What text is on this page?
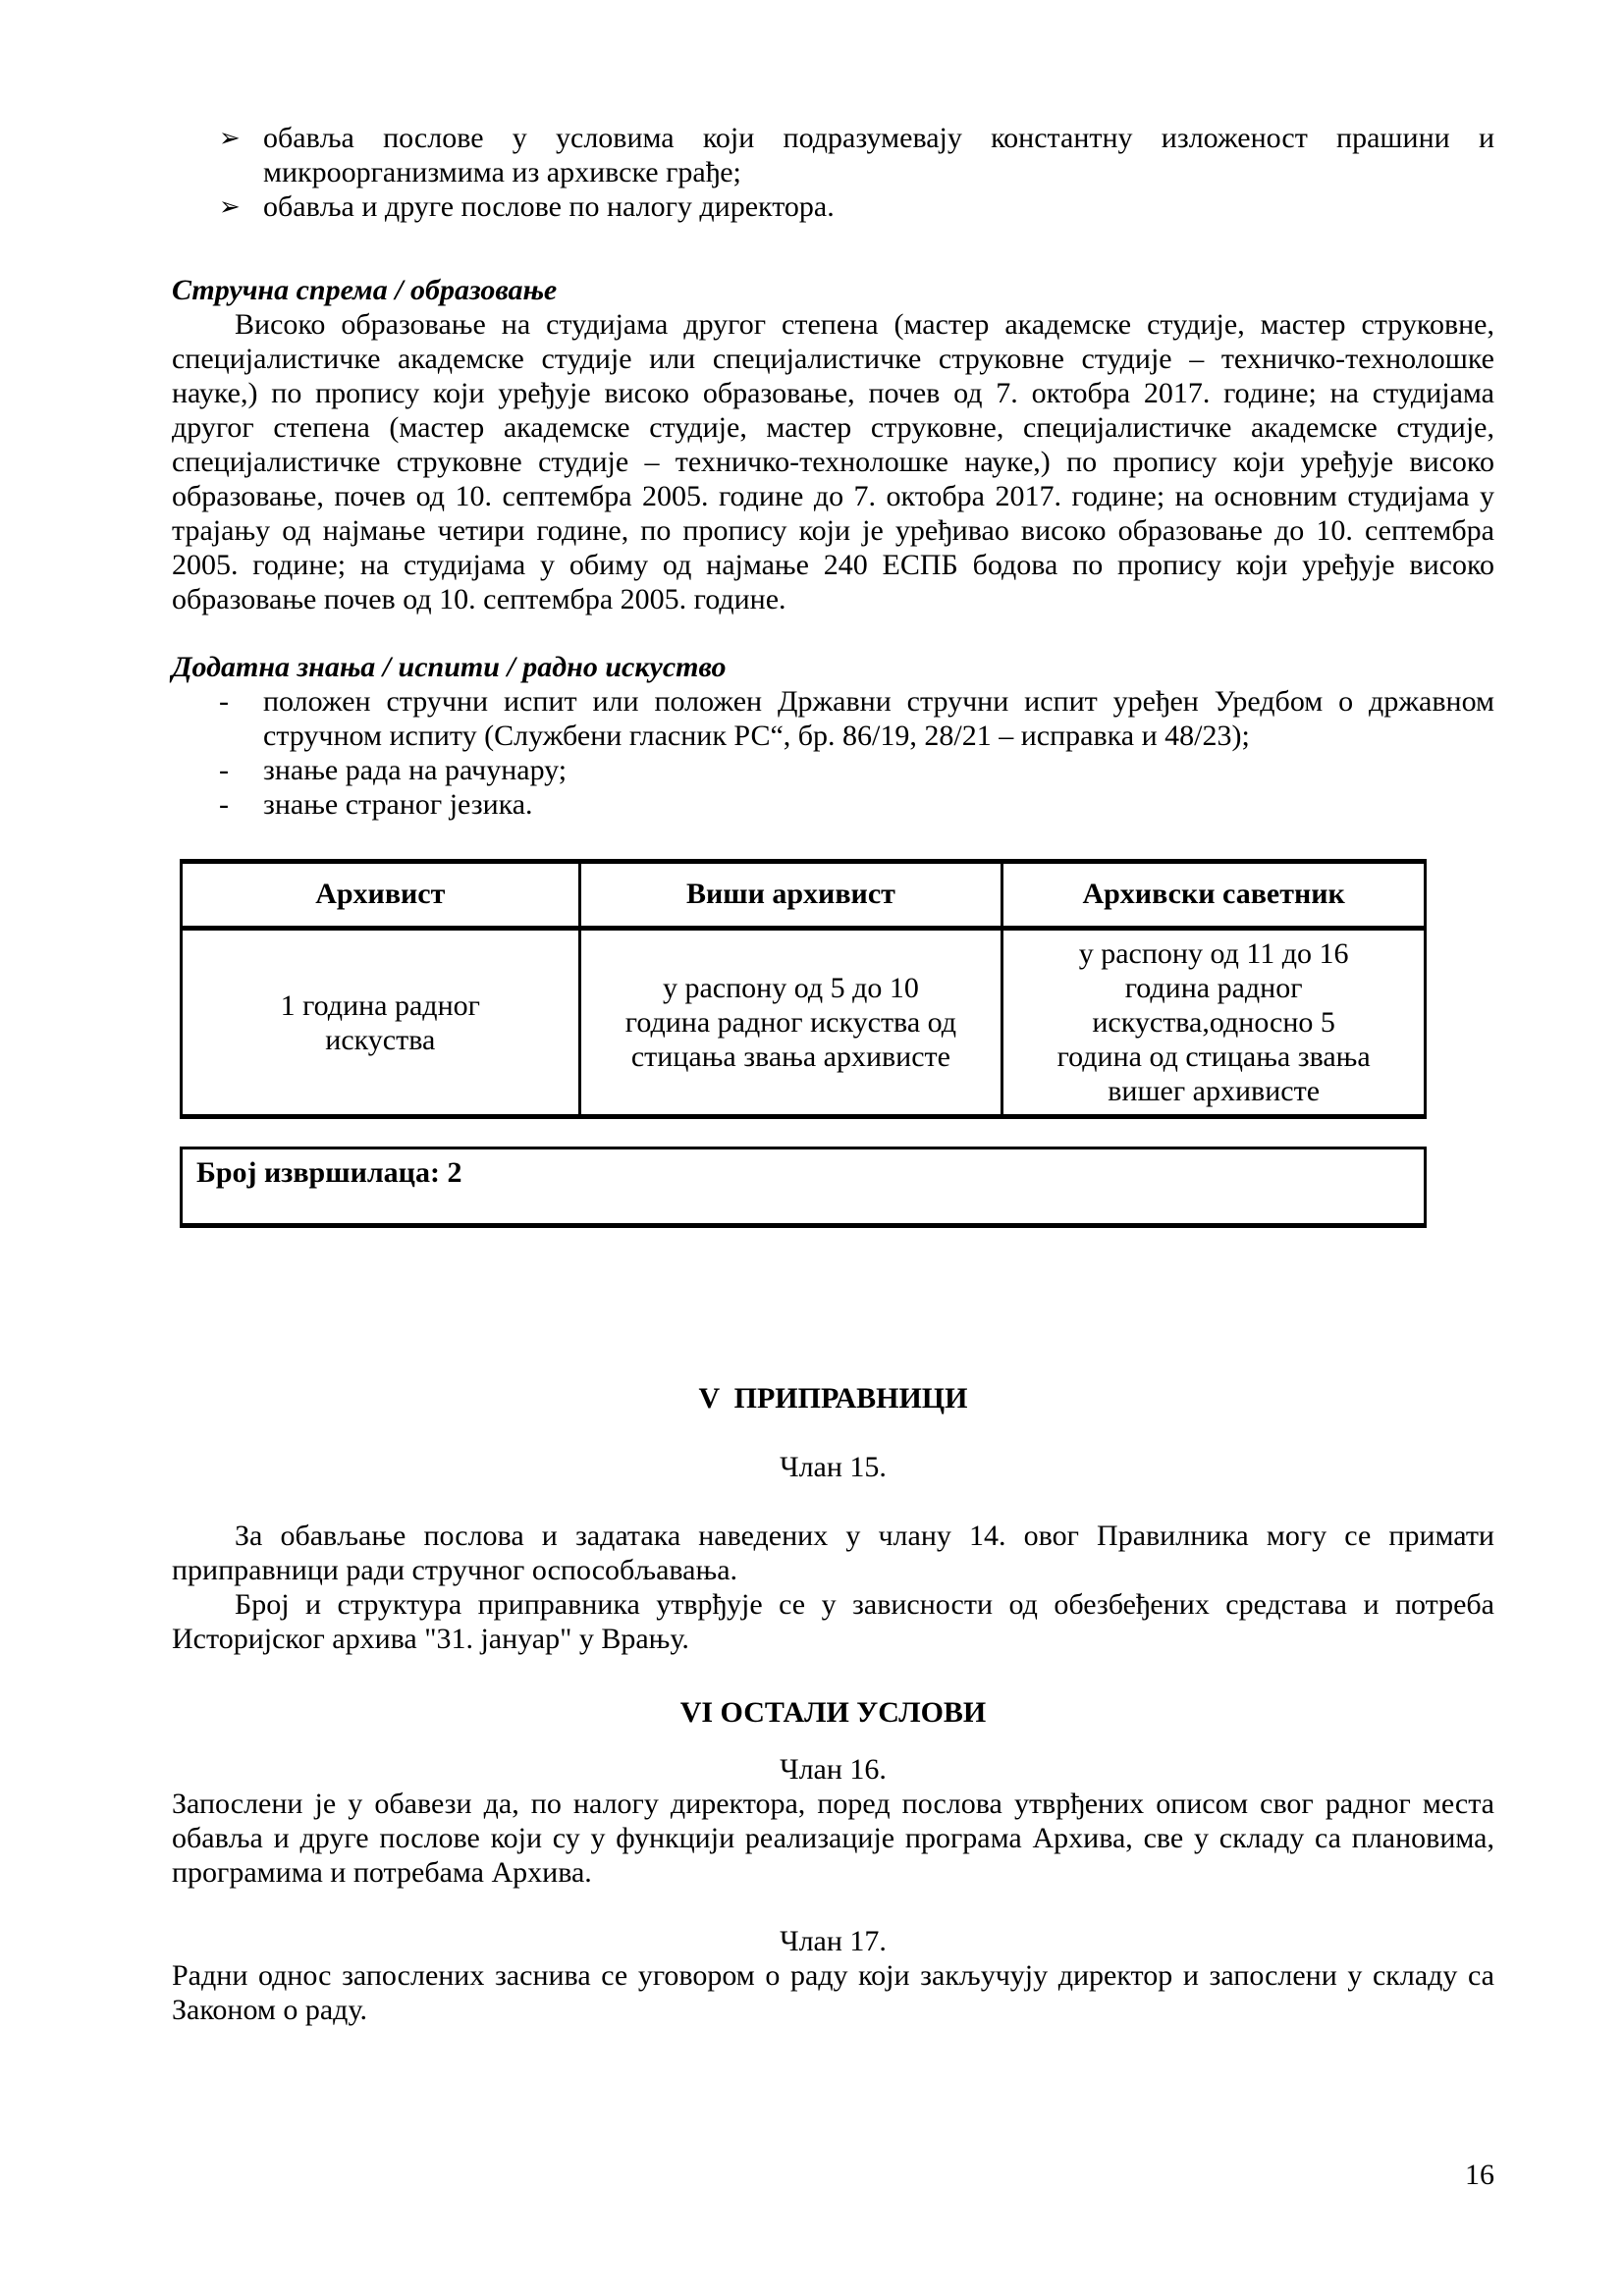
➢ обавља послове у условима који подразумевају константну изложеност прашини и микроорганизмима из архивске грађе;
➢ обавља и друге послове по налогу директора.
Стручна спрема / образовање
Високо образовање на студијама другог степена (мастер академске студије, мастер струковне, специјалистичке академске студије или специјалистичке струковне студије – техничко-технолошке науке,) по пропису који уређује високо образовање, почев од 7. октобра 2017. године; на студијама другог степена (мастер академске студије, мастер струковне, специјалистичке академске студије, специјалистичке струковне студије – техничко-технолошке науке,) по пропису који уређује високо образовање, почев од 10. септембра 2005. године до 7. октобра 2017. године; на основним студијама у трајању од најмање четири године, по пропису који је уређивао високо образовање до 10. септембра 2005. године; на студијама у обиму од најмање 240 ЕСПБ бодова по пропису који уређује високо образовање почев од 10. септембра 2005. године.
Додатна знања / испити / радно искуство
-	положен стручни испит или положен Државни стручни испит уређен Уредбом о државном стручном испиту (Службени гласник РС“, бр. 86/19, 28/21 – исправка и 48/23);
-	знање рада на рачунару;
-	знање страног језика.
Архивист	Виши архивист	Архивски саветник
1 година радног искуства	у распону од 5 до 10 година радног искуства од стицања звања архивисте	у распону од 11 до 16 година радног искуства,односно 5 година од стицања звања вишег архивисте
Број извршилаца: 2
V  ПРИПРАВНИЦИ
Члан 15.
За обављање послова и задатака наведених у члану 14. овог Правилника могу се примати приправници ради стручног оспособљавања.
Број и структура приправника утврђује се у зависности од обезбеђених средстава и потреба Историјског архива "31. јануар" у Врању.
VI ОСТАЛИ УСЛОВИ
Члан 16.
Запослени је у обавези да, по налогу директора, поред послова утврђених описом свог радног места обавља и друге послове који су у функцији реализације програма Архива, све у складу са плановима, програмима и потребама Архива.
Члан 17.
Радни однос запослених заснива се уговором о раду који закључују директор и запослени у складу са Законом о раду.
16
